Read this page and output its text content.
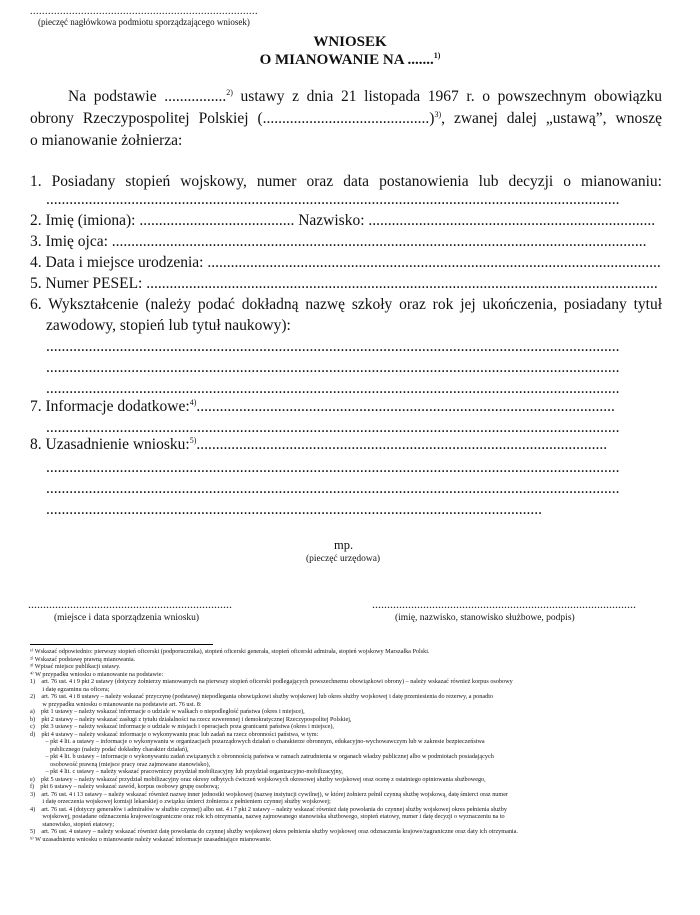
............................................................................
(pieczęć nagłówkowa podmiotu sporządzającego wniosek)
WNIOSEK
O MIANOWANIE NA .......$^{1)}$
Na podstawie ................$^{2)}$ ustawy z dnia 21 listopada 1967 r. o powszechnym obowiązku
obrony Rzeczypospolitej Polskiej (...........................................)$^{3)}$, zwanej dalej „ustawą”, wnoszę
o mianowanie żołnierza:
1. Posiadany stopień wojskowy, numer oraz data postanowienia lub decyzji o mianowaniu:
....................................................................................................................................................
2. Imię (imiona): ........................................ Nazwisko: ..........................................................................
3. Imię ojca: ..........................................................................................................................................
4. Data i miejsce urodzenia: .....................................................................................................................
5. Numer PESEL: ....................................................................................................................................
6. Wykształcenie (należy podać dokładną nazwę szkoły oraz rok jej ukończenia, posiadany tytuł
zawodowy, stopień lub tytuł naukowy):
....................................................................................................................................................
....................................................................................................................................................
....................................................................................................................................................
7. Informacje dodatkowe:$^{4)}$............................................................................................................
....................................................................................................................................................
8. Uzasadnienie wniosku:$^{5)}$..........................................................................................................
....................................................................................................................................................
....................................................................................................................................................
................................................................................................................................
mp.
(pieczęć urzędowa)
....................................................................
(miejsce i data sporządzenia wniosku)
........................................................................................
(imię, nazwisko, stanowisko służbowe, podpis)
¹⁾ Wskazać odpowiednio: pierwszy stopień oficerski (podporucznika), stopień oficerski generała, stopień oficerski admirała, stopień wojskowy Marszałka Polski.
²⁾ Wskazać podstawę prawną mianowania.
³⁾ Wpisać miejsce publikacji ustawy.
⁴⁾ W przypadku wniosku o mianowanie na podstawie:
1)    art. 76 ust. 4 i 9 pkt 2 ustawy (dotyczy żołnierzy mianowanych na pierwszy stopień oficerski podlegających powszechnemu obowiązkowi obrony) – należy wskazać również korpus osobowy
i datę egzaminu na oficera;
2)    art. 76 ust. 4 i 8 ustawy – należy wskazać przyczynę (podstawę) niepodlegania obowiązkowi służby wojskowej lub okres służby wojskowej i datę przeniesienia do rezerwy, a ponadto
w przypadku wniosku o mianowanie na podstawie art. 76 ust. 8:
a)    pkt 1 ustawy – należy wskazać informacje o udziale w walkach o niepodległość państwa (okres i miejsce),
b)    pkt 2 ustawy – należy wskazać zasługi z tytułu działalności na rzecz suwerennej i demokratycznej Rzeczypospolitej Polskiej,
c)    pkt 3 ustawy – należy wskazać informacje o udziale w misjach i operacjach poza granicami państwa (okres i miejsce),
d)    pkt 4 ustawy – należy wskazać informacje o wykonywaniu prac lub zadań na rzecz obronności państwa, w tym:
– pkt 4 lit. a ustawy – informacje o wykonywaniu w organizacjach pozarządowych działań o charakterze obronnym, edukacyjno-wychowawczym lub w zakresie bezpieczeństwa
publicznego (należy podać dokładny charakter działań),
– pkt 4 lit. b ustawy – informacje o wykonywaniu zadań związanych z obronnością państwa w ramach zatrudnienia w organach władzy publicznej albo w podmiotach posiadających
osobowość prawną (miejsce pracy oraz zajmowane stanowisko),
– pkt 4 lit. c ustawy – należy wskazać pracowniczy przydział mobilizacyjny lub przydział organizacyjno-mobilizacyjny,
e)    pkt 5 ustawy – należy wskazać przydział mobilizacyjny oraz okresy odbytych ćwiczeń wojskowych okresowej służby wojskowej oraz ocenę z ostatniego opiniowania służbowego,
f)    pkt 6 ustawy – należy wskazać zawód, korpus osobowy grupę osobową;
3)    art. 76 ust. 4 i 13 ustawy – należy wskazać również nazwę inner jednostki wojskowej (nazwę instytucji cywilnej), w której żołnierz pełnił czynną służbę wojskową, datę śmierci oraz numer
i datę orzeczenia wojskowej komisji lekarskiej o związku śmierci żołnierza z pełnieniem czynnej służby wojskowej;
4)    art. 76 ust. 4 (dotyczy generałów i admirałów w służbie czynnej) albo ust. 4 i 7 pkt 2 ustawy – należy wskazać również datę powołania do czynnej służby wojskowej okres pełnienia służby
wojskowej, posiadane odznaczenia krajowe/zagraniczne oraz rok ich otrzymania, nazwę zajmowanego stanowiska służbowego, stopień etatowy, numer i datę decyzji o wyznaczeniu na to
stanowisko, stopień etatowy;
5)    art. 76 ust. 4 ustawy – należy wskazać również datę powołania do czynnej służby wojskowej okres pełnienia służby wojskowej oraz odznaczenia krajowe/zagraniczne oraz daty ich otrzymania.
⁵⁾ W uzasadnieniu wniosku o mianowanie należy wskazać informacje uzasadniające mianowanie.
